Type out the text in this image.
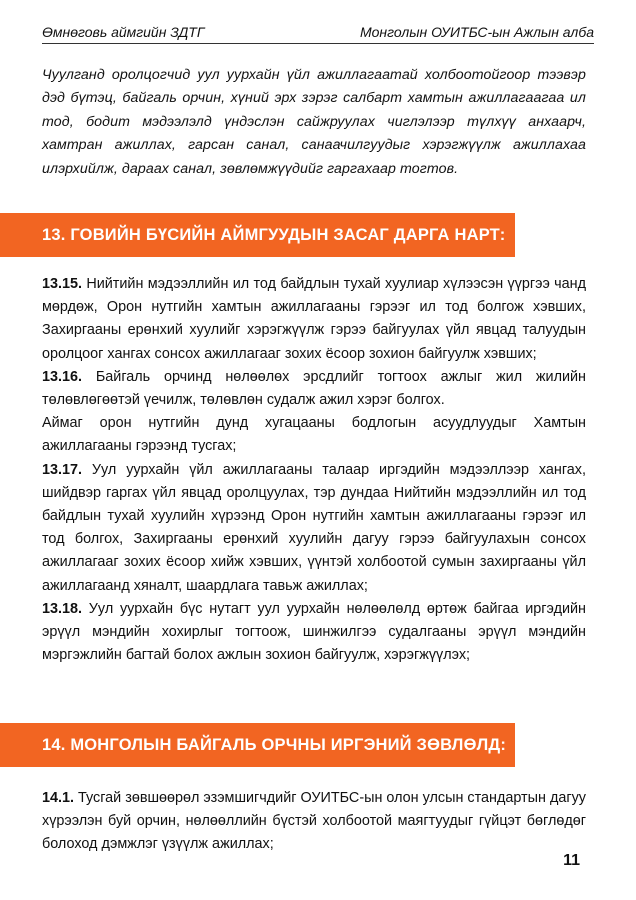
Өмнөговь аймгийн ЗДТГ	Монголын ОУИТБС-ын Ажлын алба
Чуулганд оролцогчид уул уурхайн үйл ажиллагаатай холбоотойгоор тээвэр дэд бүтэц, байгаль орчин, хүний эрх зэрэг салбарт хамтын ажиллагаагаа ил тод, бодит мэдээлэлд үндэслэн сайжруулах чиглэлээр түлхүү анхаарч, хамтран ажиллах, гарсан санал, санаачилгуудыг хэрэгжүүлж ажиллахаа илэрхийлж, дараах санал, зөвлөмжүүдийг гаргахаар тогтов.
13. ГОВИЙН БҮСИЙН АЙМГУУДЫН ЗАСАГ ДАРГА НАРТ:

13.15. Нийтийн мэдээллийн ил тод байдлын тухай хуулиар хүлээсэн үүргээ чанд мөрдөж, Орон нутгийн хамтын ажиллагааны гэрээг ил тод болгож хэвших, Захиргааны ерөнхий хуулийг хэрэгжүүлж гэрээ байгуулах үйл явцад талуудын оролцоог хангах сонсох ажиллагааг зохих ёсоор зохион байгуулж хэвших;

13.16. Байгаль орчинд нөлөөлөх эрсдлийг тогтоох ажлыг жил жилийн төлөвлөгөөтэй үечилж, төлөвлөн судалж ажил хэрэг болгох.

Аймаг орон нутгийн дунд хугацааны бодлогын асуудлуудыг Хамтын ажиллагааны гэрээнд тусгах;

13.17. Уул уурхайн үйл ажиллагааны талаар иргэдийн мэдээллээр хангах, шийдвэр гаргах үйл явцад оролцуулах, тэр дундаа Нийтийн мэдээллийн ил тод байдлын тухай хуулийн хүрээнд Орон нутгийн хамтын ажиллагааны гэрээг ил тод болгох, Захиргааны ерөнхий хуулийн дагуу гэрээ байгуулахын сонсох ажиллагааг зохих ёсоор хийж хэвших, үүнтэй холбоотой сумын захиргааны үйл ажиллагаанд хяналт, шаардлага тавьж ажиллах;

13.18. Уул уурхайн бүс нутагт уул уурхайн нөлөөлөлд өртөж байгаа иргэдийн эрүүл мэндийн хохирлыг тогтоож, шинжилгээ судалгааны эрүүл мэндийн мэргэжлийн багтай болох ажлын зохион байгуулж, хэрэгжүүлэх;

14. МОНГОЛЫН БАЙГАЛЬ ОРЧНЫ ИРГЭНИЙ ЗӨВЛӨЛД:

14.1. Тусгай зөвшөөрөл эзэмшигчдийг ОУИТБС-ын олон улсын стандартын дагуу хүрээлэн буй орчин, нөлөөллийн бүстэй холбоотой маягтуудыг гүйцэт бөглөдөг болоход дэмжлэг үзүүлж ажиллах;

11
